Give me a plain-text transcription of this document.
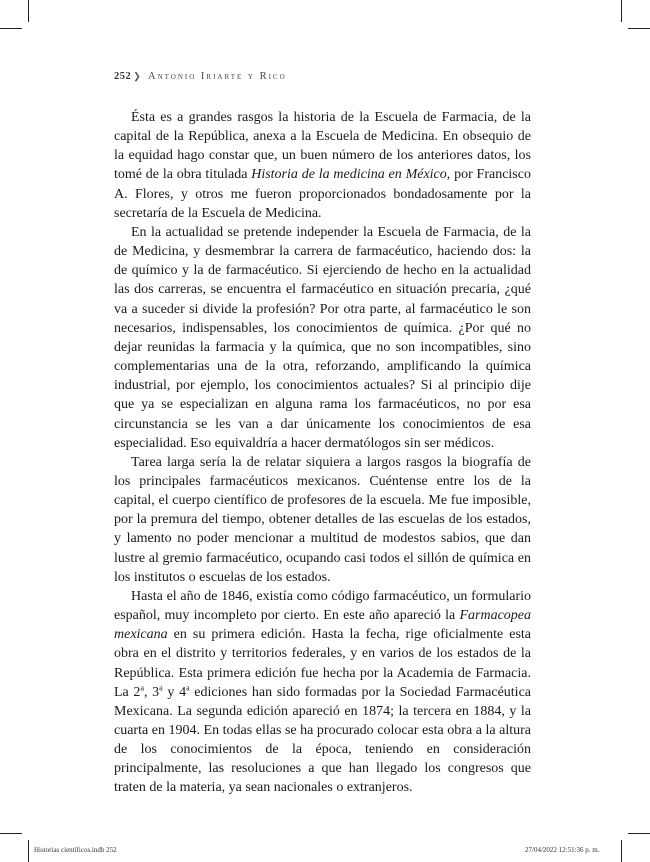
252 ❯ Antonio Iriarte y Rico

Ésta es a grandes rasgos la historia de la Escuela de Farmacia, de la capital de la República, anexa a la Escuela de Medicina. En obsequio de la equidad hago constar que, un buen número de los anteriores datos, los tomé de la obra titulada Historia de la medicina en México, por Francisco A. Flores, y otros me fueron proporcionados bondadosamente por la secretaría de la Escuela de Medicina.

En la actualidad se pretende independer la Escuela de Farmacia, de la de Medicina, y desmembrar la carrera de farmacéutico, haciendo dos: la de químico y la de farmacéutico. Si ejerciendo de hecho en la actualidad las dos carreras, se encuentra el farmacéutico en situación precaria, ¿qué va a suceder si divide la profesión? Por otra parte, al farmacéutico le son necesarios, indispensables, los conocimientos de química. ¿Por qué no dejar reunidas la farmacia y la química, que no son incompatibles, sino complementarias una de la otra, reforzando, amplificando la química industrial, por ejemplo, los conocimientos actuales? Si al principio dije que ya se especializan en alguna rama los farmacéuticos, no por esa circunstancia se les van a dar únicamente los conocimientos de esa especialidad. Eso equivaldría a hacer dermatólogos sin ser médicos.

Tarea larga sería la de relatar siquiera a largos rasgos la biografía de los principales farmacéuticos mexicanos. Cuéntense entre los de la capital, el cuerpo científico de profesores de la escuela. Me fue imposible, por la premura del tiempo, obtener detalles de las escuelas de los estados, y lamento no poder mencionar a multitud de modestos sabios, que dan lustre al gremio farmacéutico, ocupando casi todos el sillón de química en los institutos o escuelas de los estados.

Hasta el año de 1846, existía como código farmacéutico, un formulario español, muy incompleto por cierto. En este año apareció la Farmacopea mexicana en su primera edición. Hasta la fecha, rige oficialmente esta obra en el distrito y territorios federales, y en varios de los estados de la República. Esta primera edición fue hecha por la Academia de Farmacia. La 2$^a$, 3$^a$ y 4$^a$ ediciones han sido formadas por la Sociedad Farmacéutica Mexicana. La segunda edición apareció en 1874; la tercera en 1884, y la cuarta en 1904. En todas ellas se ha procurado colocar esta obra a la altura de los conocimientos de la época, teniendo en consideración principalmente, las resoluciones a que han llegado los congresos que traten de la materia, ya sean nacionales o extranjeros.

Historias científicos.indb 252	27/04/2022 12:51:36 p. m.
